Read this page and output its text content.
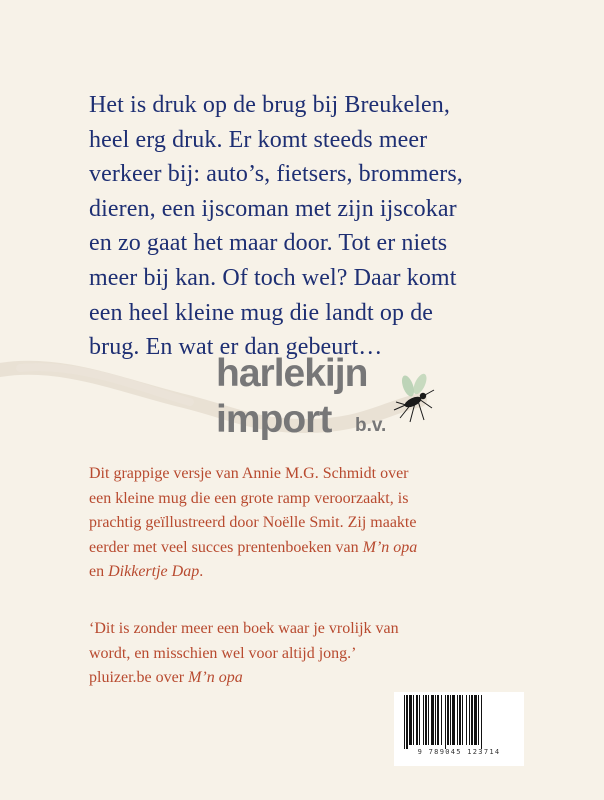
Het is druk op de brug bij Breukelen,
heel erg druk. Er komt steeds meer
verkeer bij: auto’s, fietsers, brommers,
dieren, een ijscoman met zijn ijscokar
en zo gaat het maar door. Tot er niets
meer bij kan. Of toch wel? Daar komt
een heel kleine mug die landt op de
brug. En wat er dan gebeurt…
harlekijn
import b.v.
Dit grappige versje van Annie M.G. Schmidt over
een kleine mug die een grote ramp veroorzaakt, is
prachtig geïllustreerd door Noëlle Smit. Zij maakte
eerder met veel succes prentenboeken van M’n opa
en Dikkertje Dap.
‘Dit is zonder meer een boek waar je vrolijk van
wordt, en misschien wel voor altijd jong.’
pluizer.be over M’n opa
9 789045 123714
